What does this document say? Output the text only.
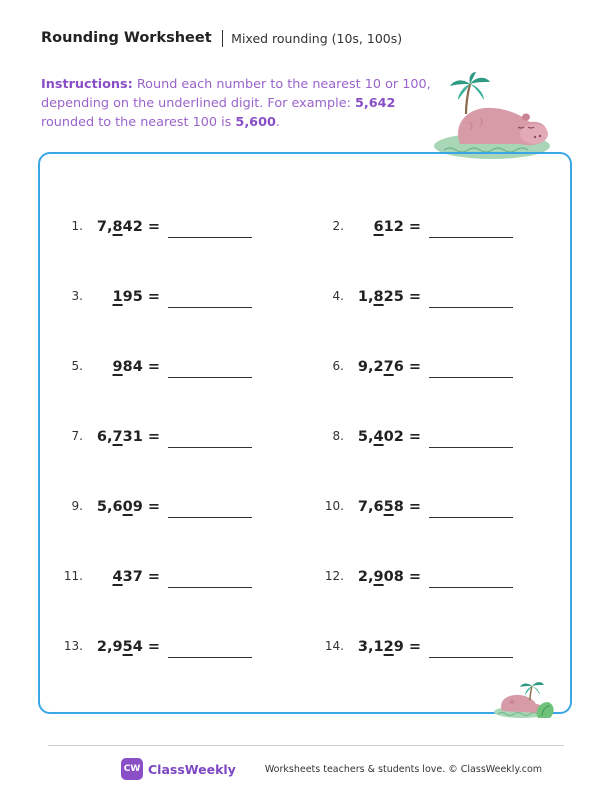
Rounding Worksheet Mixed rounding (10s, 100s)
Instructions: Round each number to the nearest 10 or 100, depending on the underlined digit. For example: 5,642 rounded to the nearest 100 is 5,600.
1. 7,842 =	2. 612 =
3. 195 =	4. 1,825 =
5. 984 =	6. 9,276 =
7. 6,731 =	8. 5,402 =
9. 5,609 =	10. 7,658 =
11. 437 =	12. 2,908 =
13. 2,954 =	14. 3,129 =
CW ClassWeekly	Worksheets teachers & students love. © ClassWeekly.com
